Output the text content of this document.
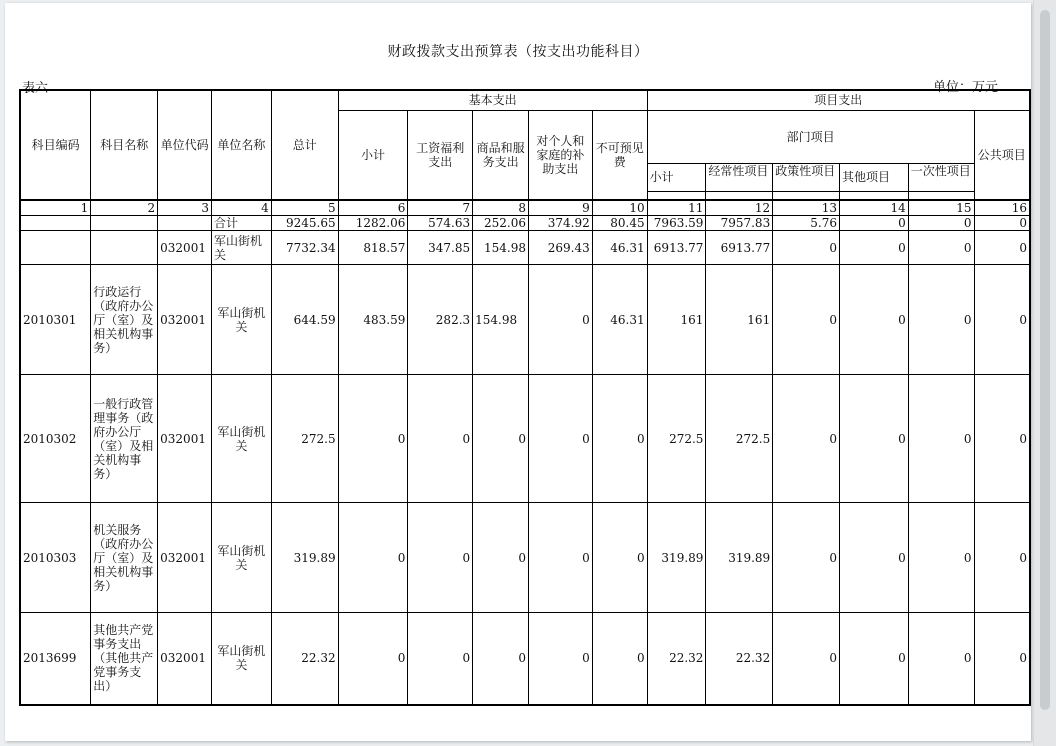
财政拨款支出预算表（按支出功能科目）
表六	单位：万元
科目编码	科目名称	单位代码	单位名称	总计	基本支出					项目支出					
					小计	工资福利支出	商品和服务支出	对个人和家庭的补助支出	不可预见费	部门项目					公共项目
										小计	经常性项目	政策性项目	其他项目	一次性项目	

1	2	3	4	5	6	7	8	9	10	11	12	13	14	15	16
			合计	9245.65	1282.06	574.63	252.06	374.92	80.45	7963.59	7957.83	5.76	0	0	0
		032001	军山街机关	7732.34	818.57	347.85	154.98	269.43	46.31	6913.77	6913.77	0	0	0	0
2010301	行政运行（政府办公厅（室）及相关机构事务）	032001	军山街机关	644.59	483.59	282.3	154.98	0	46.31	161	161	0	0	0	0
2010302	一般行政管理事务（政府办公厅（室）及相关机构事务）	032001	军山街机关	272.5	0	0	0	0	0	272.5	272.5	0	0	0	0
2010303	机关服务（政府办公厅（室）及相关机构事务）	032001	军山街机关	319.89	0	0	0	0	0	319.89	319.89	0	0	0	0
2013699	其他共产党事务支出（其他共产党事务支出）	032001	军山街机关	22.32	0	0	0	0	0	22.32	22.32	0	0	0	0
